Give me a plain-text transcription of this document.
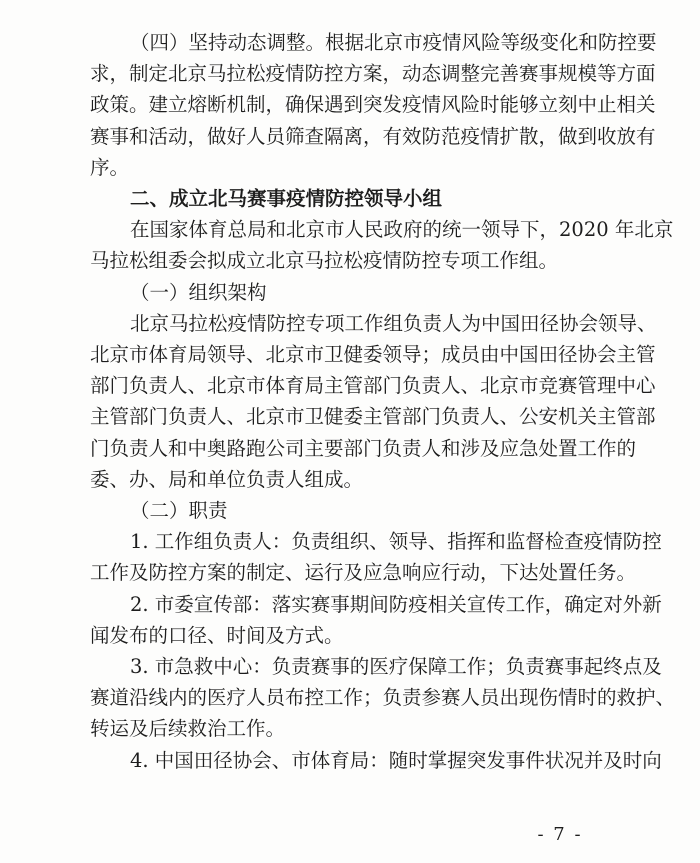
（四）坚持动态调整。根据北京市疫情风险等级变化和防控要
求，制定北京马拉松疫情防控方案，动态调整完善赛事规模等方面
政策。建立熔断机制，确保遇到突发疫情风险时能够立刻中止相关
赛事和活动，做好人员筛查隔离，有效防范疫情扩散，做到收放有
序。
二、成立北马赛事疫情防控领导小组
在国家体育总局和北京市人民政府的统一领导下，2020 年北京
马拉松组委会拟成立北京马拉松疫情防控专项工作组。
（一）组织架构
北京马拉松疫情防控专项工作组负责人为中国田径协会领导、
北京市体育局领导、北京市卫健委领导；成员由中国田径协会主管
部门负责人、北京市体育局主管部门负责人、北京市竞赛管理中心
主管部门负责人、北京市卫健委主管部门负责人、公安机关主管部
门负责人和中奥路跑公司主要部门负责人和涉及应急处置工作的
委、办、局和单位负责人组成。
（二）职责
1. 工作组负责人：负责组织、领导、指挥和监督检查疫情防控
工作及防控方案的制定、运行及应急响应行动，下达处置任务。
2. 市委宣传部：落实赛事期间防疫相关宣传工作，确定对外新
闻发布的口径、时间及方式。
3. 市急救中心：负责赛事的医疗保障工作；负责赛事起终点及
赛道沿线内的医疗人员布控工作；负责参赛人员出现伤情时的救护、
转运及后续救治工作。
4. 中国田径协会、市体育局：随时掌握突发事件状况并及时向
- 7 -
